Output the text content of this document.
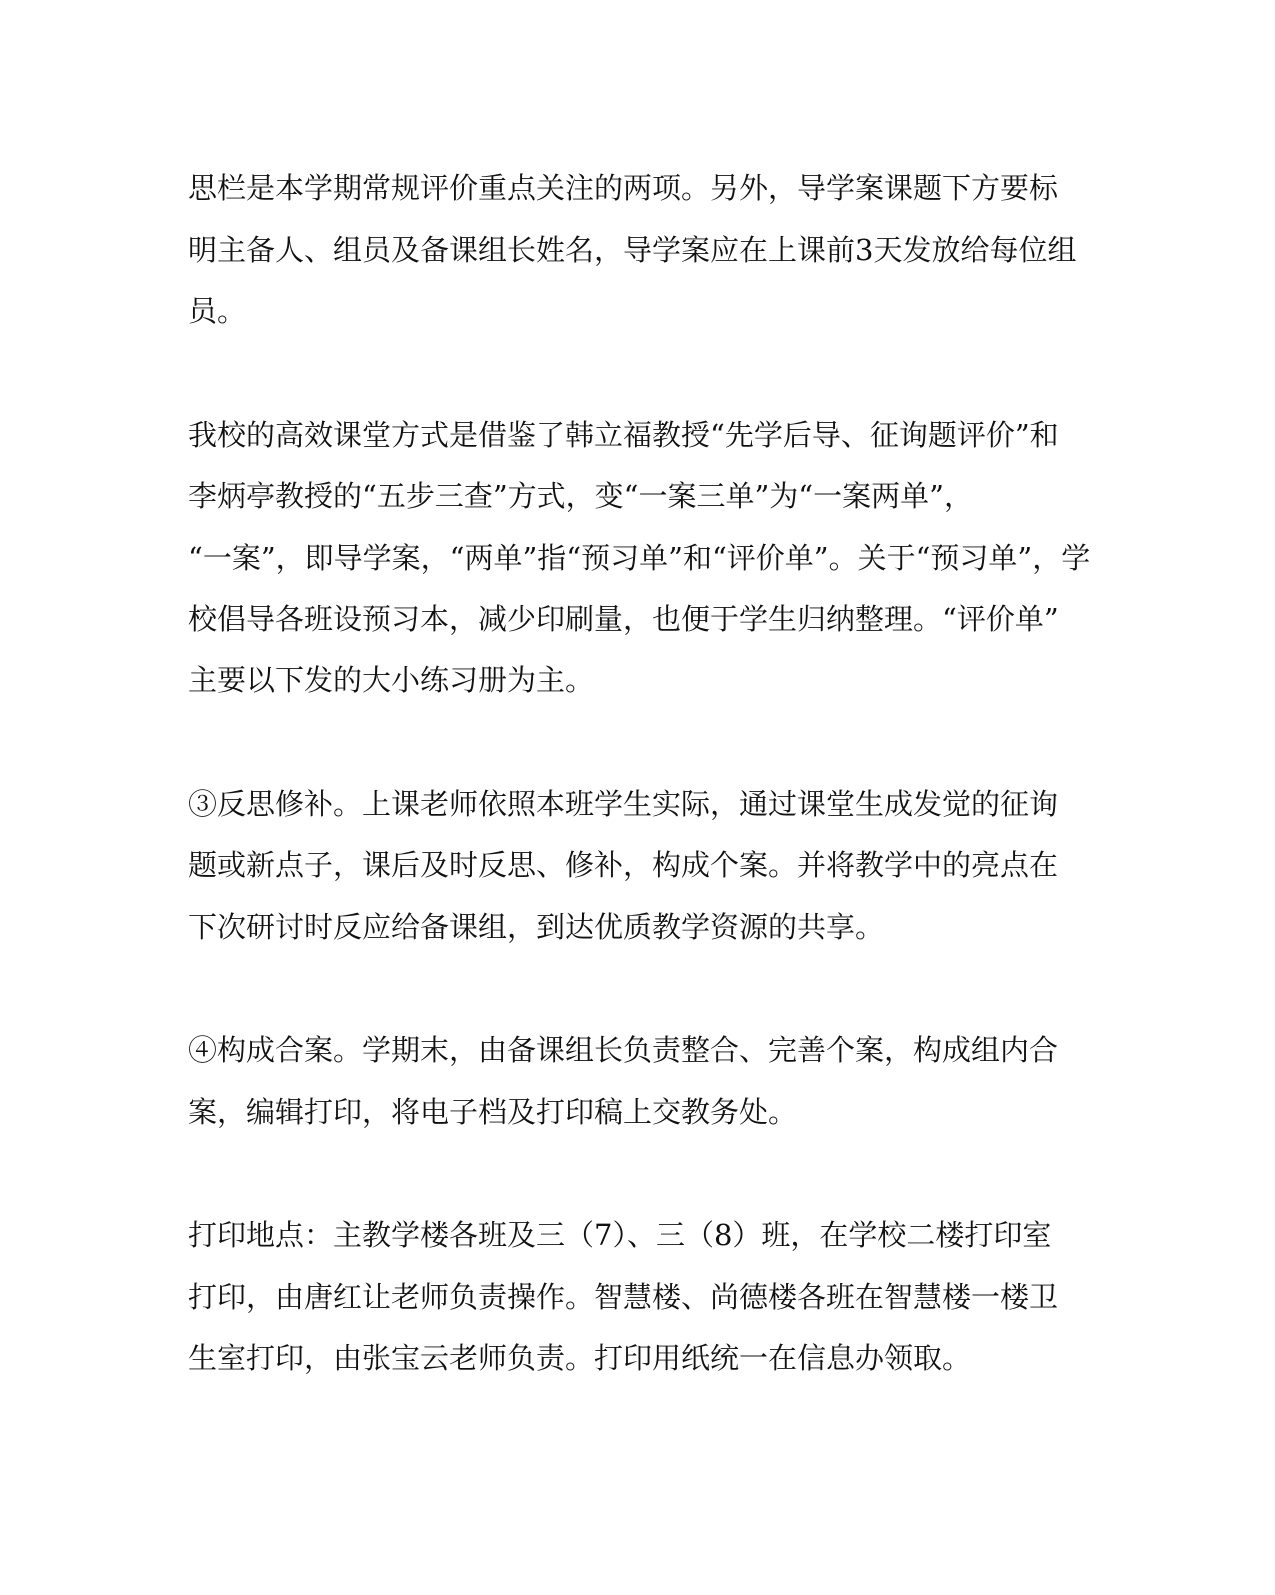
思栏是本学期常规评价重点关注的两项。另外，导学案课题下方要标
明主备人、组员及备课组长姓名，导学案应在上课前3天发放给每位组
员。

我校的高效课堂方式是借鉴了韩立福教授“先学后导、征询题评价”和
李炳亭教授的“五步三查”方式，变“一案三单”为“一案两单”，
“一案”，即导学案，“两单”指“预习单”和“评价单”。关于“预习单”，学
校倡导各班设预习本，减少印刷量，也便于学生归纳整理。“评价单”
主要以下发的大小练习册为主。

③反思修补。上课老师依照本班学生实际，通过课堂生成发觉的征询
题或新点子，课后及时反思、修补，构成个案。并将教学中的亮点在
下次研讨时反应给备课组，到达优质教学资源的共享。

④构成合案。学期末，由备课组长负责整合、完善个案，构成组内合
案，编辑打印，将电子档及打印稿上交教务处。

打印地点：主教学楼各班及三（7）、三（8）班，在学校二楼打印室
打印，由唐红让老师负责操作。智慧楼、尚德楼各班在智慧楼一楼卫
生室打印，由张宝云老师负责。打印用纸统一在信息办领取。
